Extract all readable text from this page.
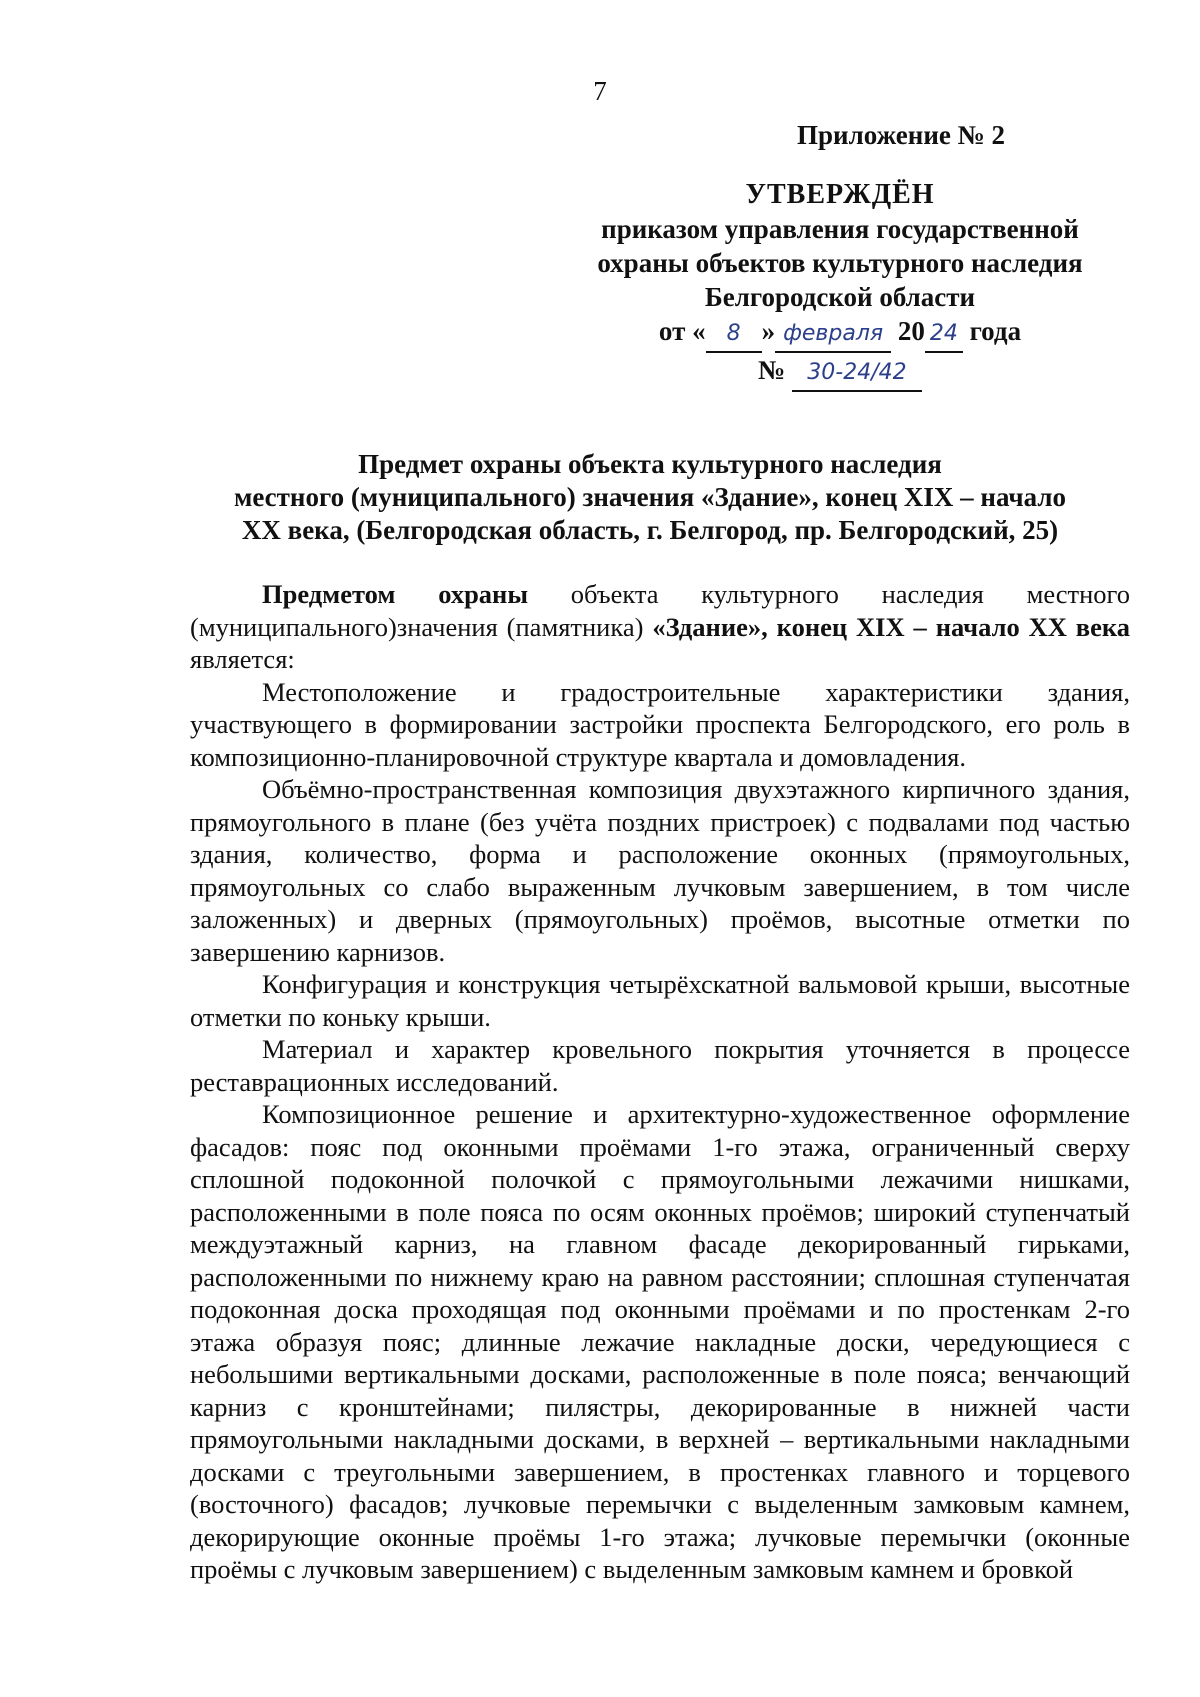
7
Приложение № 2
УТВЕРЖДЁН
приказом управления государственной
охраны объектов культурного наследия
Белгородской области
от « 8 » февраля 20 24 года
№ 30-24/42
Предмет охраны объекта культурного наследия
местного (муниципального) значения «Здание», конец XIX – начало
XX века, (Белгородская область, г. Белгород, пр. Белгородский, 25)

Предметом охраны объекта культурного наследия местного (муниципального)значения (памятника) «Здание», конец XIX – начало XX века является:

Местоположение и градостроительные характеристики здания, участвующего в формировании застройки проспекта Белгородского, его роль в композиционно-планировочной структуре квартала и домовладения.

Объёмно-пространственная композиция двухэтажного кирпичного здания, прямоугольного в плане (без учёта поздних пристроек) с подвалами под частью здания, количество, форма и расположение оконных (прямоугольных, прямоугольных со слабо выраженным лучковым завершением, в том числе заложенных) и дверных (прямоугольных) проёмов, высотные отметки по завершению карнизов.

Конфигурация и конструкция четырёхскатной вальмовой крыши, высотные отметки по коньку крыши.

Материал и характер кровельного покрытия уточняется в процессе реставрационных исследований.

Композиционное решение и архитектурно-художественное оформление фасадов: пояс под оконными проёмами 1-го этажа, ограниченный сверху сплошной подоконной полочкой с прямоугольными лежачими нишками, расположенными в поле пояса по осям оконных проёмов; широкий ступенчатый междуэтажный карниз, на главном фасаде декорированный гирьками, расположенными по нижнему краю на равном расстоянии; сплошная ступенчатая подоконная доска проходящая под оконными проёмами и по простенкам 2-го этажа образуя пояс; длинные лежачие накладные доски, чередующиеся с небольшими вертикальными досками, расположенные в поле пояса; венчающий карниз с кронштейнами; пилястры, декорированные в нижней части прямоугольными накладными досками, в верхней – вертикальными накладными досками с треугольными завершением, в простенках главного и торцевого (восточного) фасадов; лучковые перемычки с выделенным замковым камнем, декорирующие оконные проёмы 1-го этажа; лучковые перемычки (оконные проёмы с лучковым завершением) с выделенным замковым камнем и бровкой
